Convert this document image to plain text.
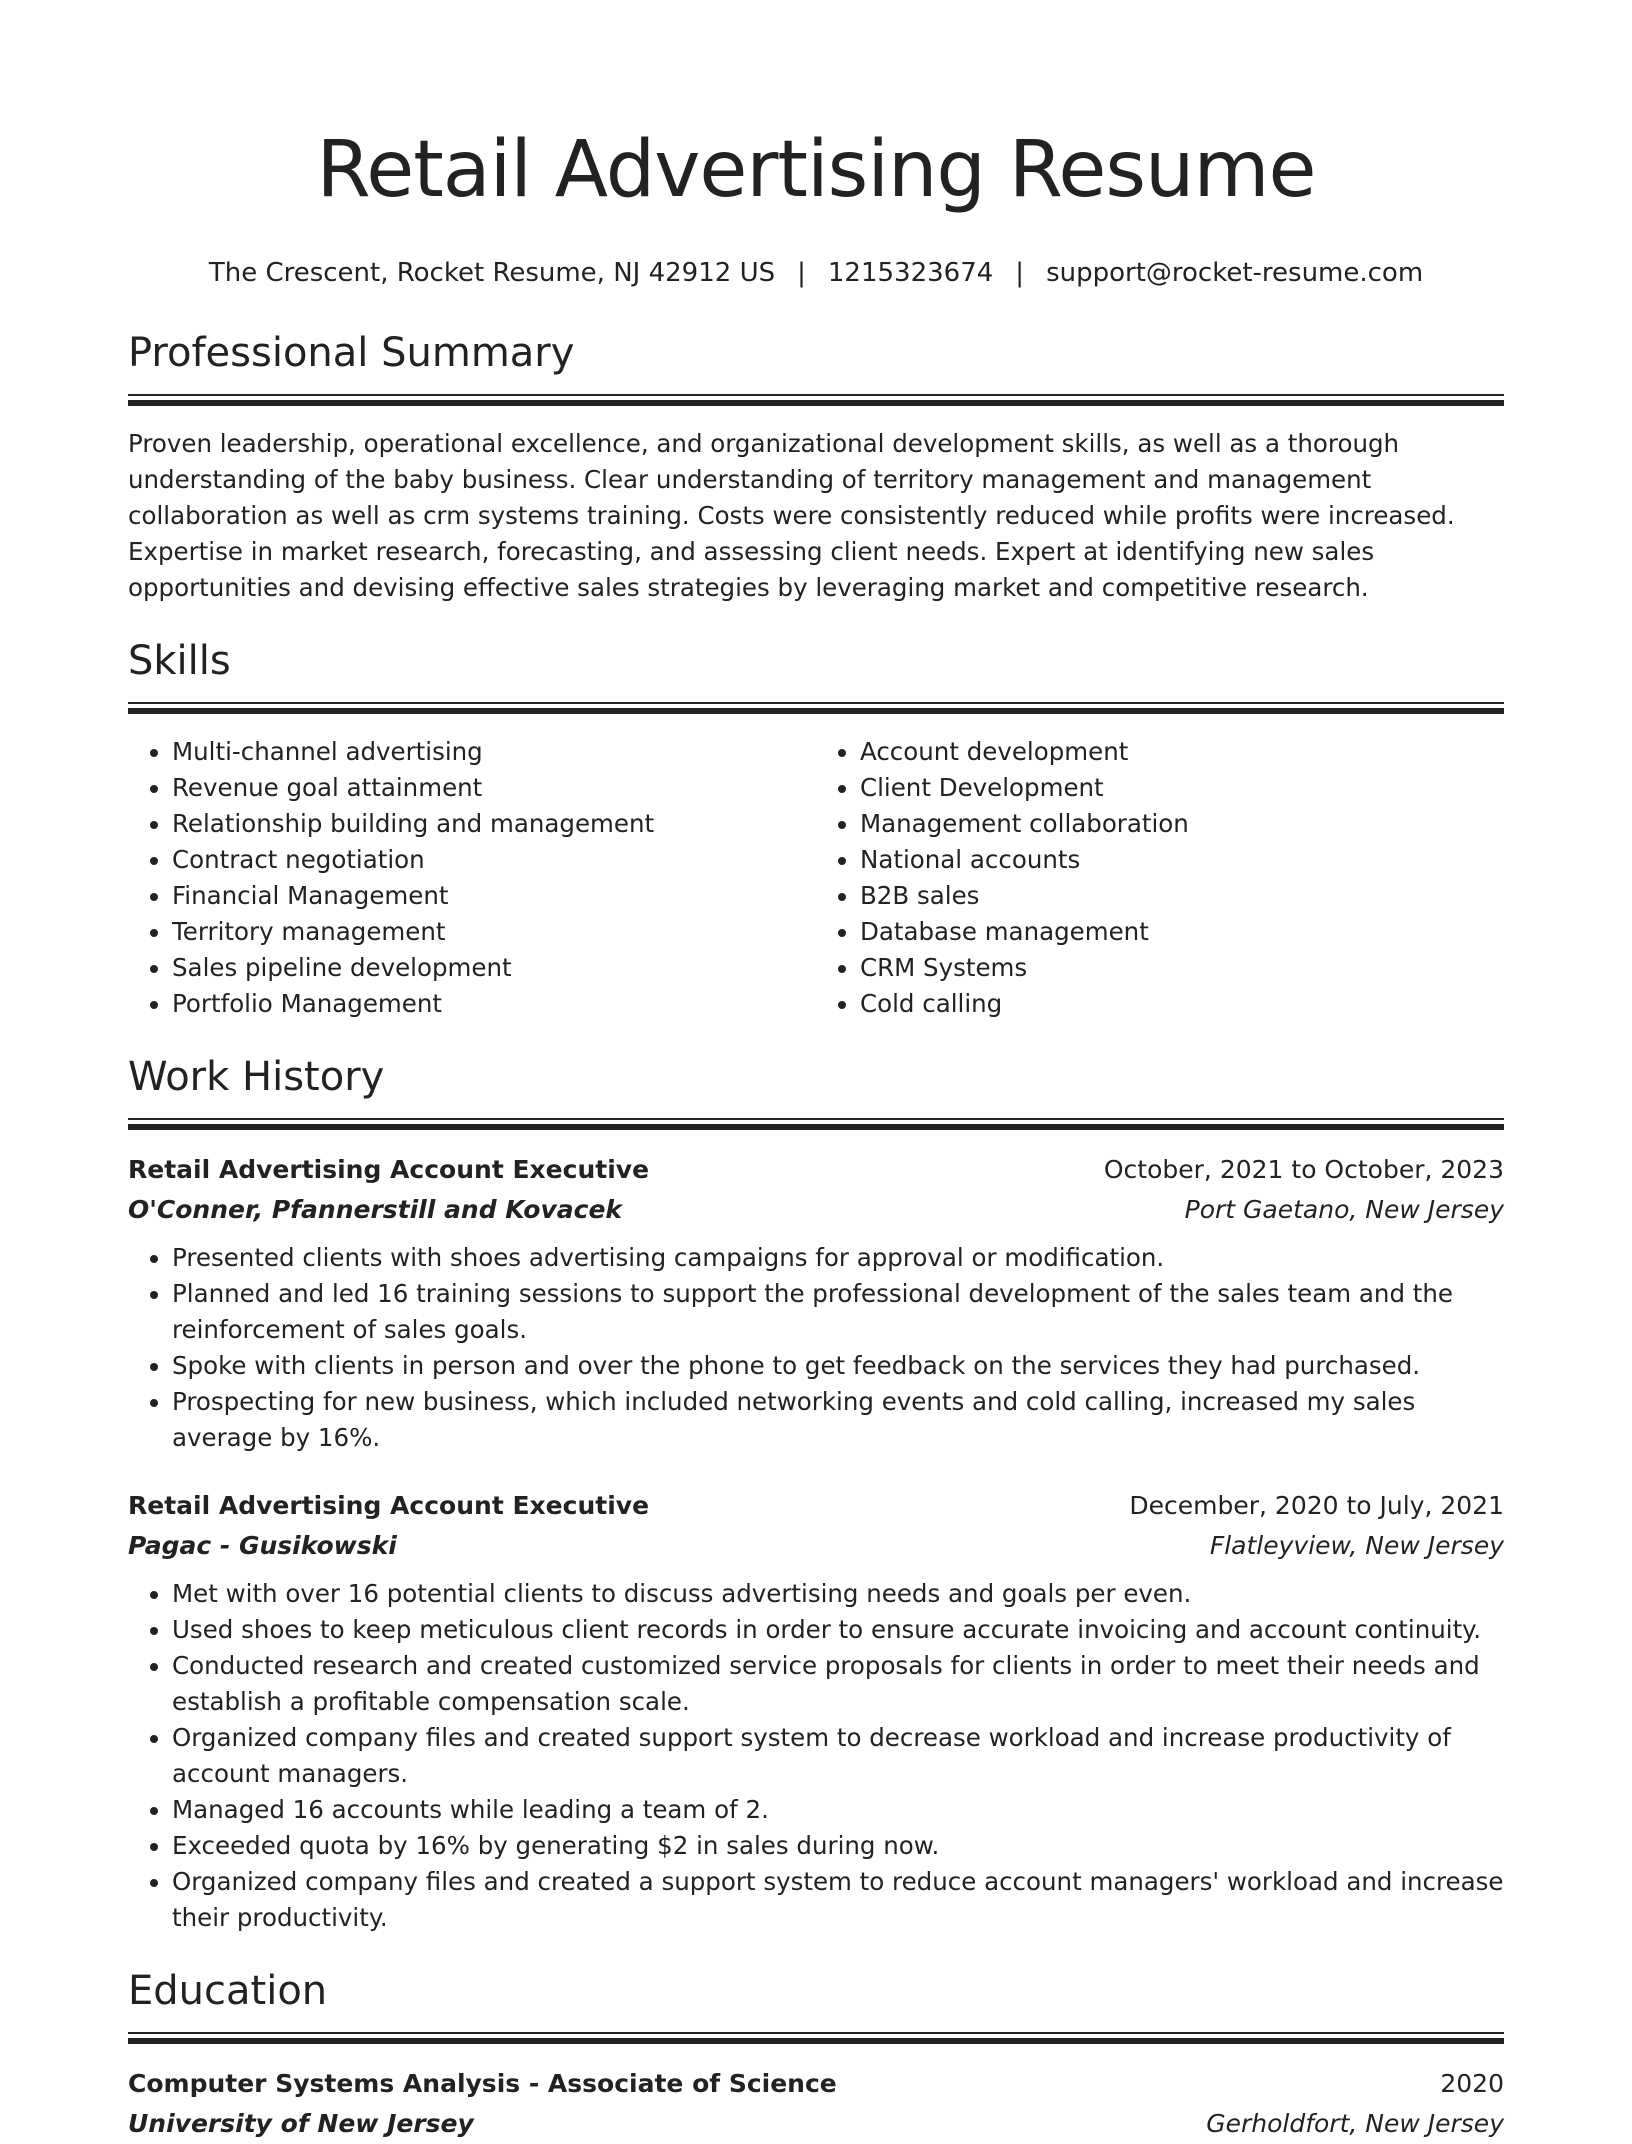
Retail Advertising Resume
The Crescent, Rocket Resume, NJ 42912 US | 1215323674 | support@rocket-resume.com
Professional Summary

Proven leadership, operational excellence, and organizational development skills, as well as a thorough understanding of the baby business. Clear understanding of territory management and management collaboration as well as crm systems training. Costs were consistently reduced while profits were increased. Expertise in market research, forecasting, and assessing client needs. Expert at identifying new sales opportunities and devising effective sales strategies by leveraging market and competitive research.

Skills
• Multi-channel advertising
• Revenue goal attainment
• Relationship building and management
• Contract negotiation
• Financial Management
• Territory management
• Sales pipeline development
• Portfolio Management
• Account development
• Client Development
• Management collaboration
• National accounts
• B2B sales
• Database management
• CRM Systems
• Cold calling
Work History
Retail Advertising Account Executive	October, 2021 to October, 2023
O'Conner, Pfannerstill and Kovacek	Port Gaetano, New Jersey
• Presented clients with shoes advertising campaigns for approval or modification.
• Planned and led 16 training sessions to support the professional development of the sales team and the reinforcement of sales goals.
• Spoke with clients in person and over the phone to get feedback on the services they had purchased.
• Prospecting for new business, which included networking events and cold calling, increased my sales average by 16%.
Retail Advertising Account Executive	December, 2020 to July, 2021
Pagac - Gusikowski	Flatleyview, New Jersey
• Met with over 16 potential clients to discuss advertising needs and goals per even.
• Used shoes to keep meticulous client records in order to ensure accurate invoicing and account continuity.
• Conducted research and created customized service proposals for clients in order to meet their needs and establish a profitable compensation scale.
• Organized company files and created support system to decrease workload and increase productivity of account managers.
• Managed 16 accounts while leading a team of 2.
• Exceeded quota by 16% by generating $2 in sales during now.
• Organized company files and created a support system to reduce account managers' workload and increase their productivity.
Education
Computer Systems Analysis - Associate of Science	2020
University of New Jersey	Gerholdfort, New Jersey
